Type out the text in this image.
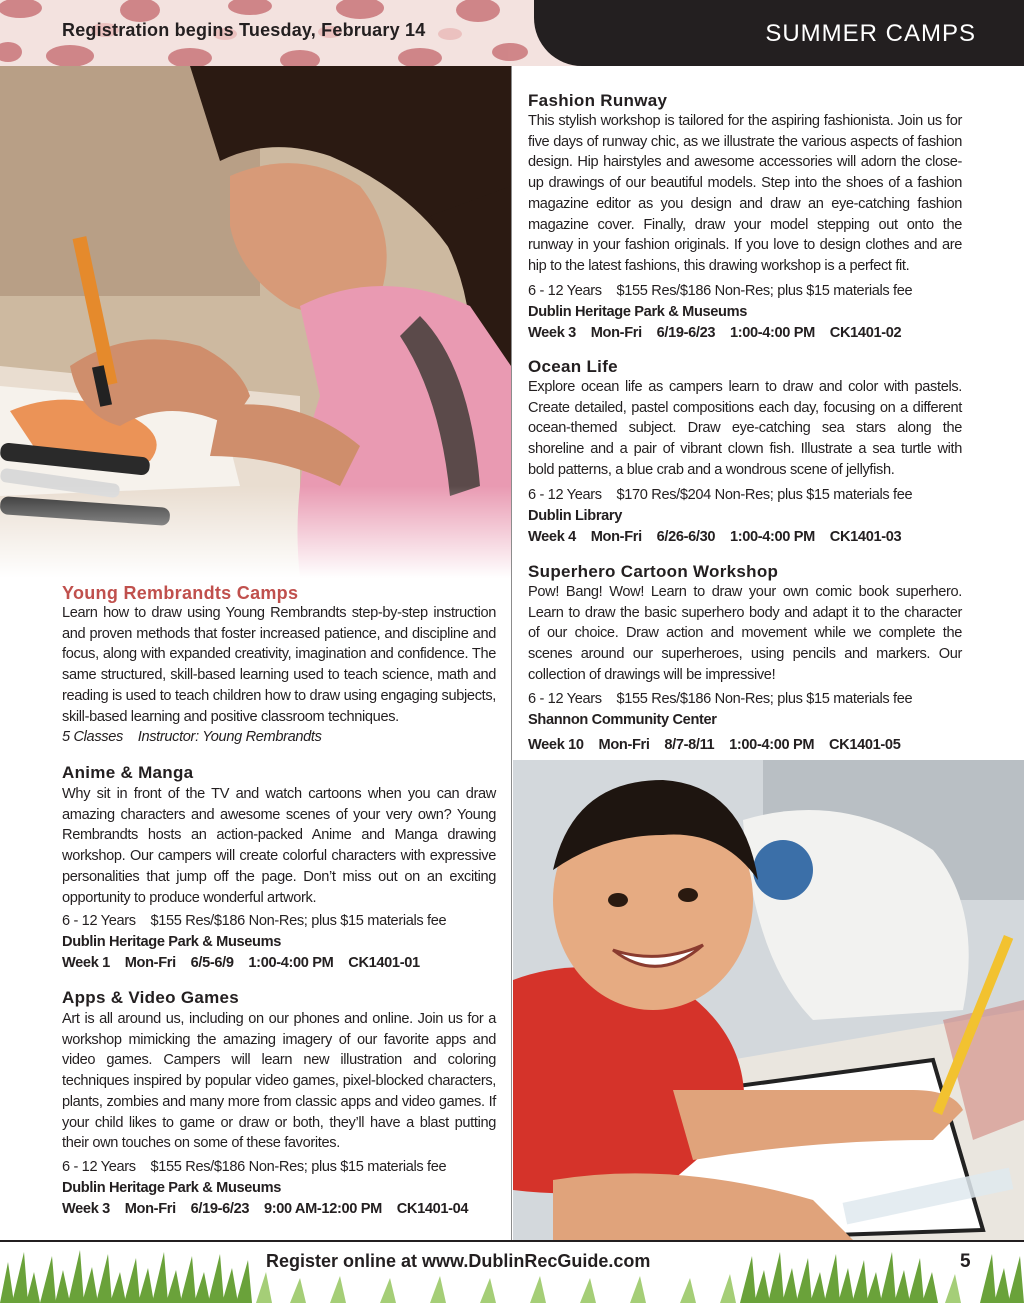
Registration begins Tuesday, February 14	SUMMER CAMPS
Young Rembrandts Camps
Learn how to draw using Young Rembrandts step-by-step instruction and proven methods that foster increased patience, and discipline and focus, along with expanded creativity, imagination and confidence. The same structured, skill-based learning used to teach science, math and reading is used to teach children how to draw using engaging subjects, skill-based learning and positive classroom techniques.
5 Classes    Instructor: Young Rembrandts
Anime & Manga
Why sit in front of the TV and watch cartoons when you can draw amazing characters and awesome scenes of your very own? Young Rembrandts hosts an action-packed Anime and Manga drawing workshop. Our campers will create colorful characters with expressive personalities that jump off the page. Don’t miss out on an exciting opportunity to produce wonderful artwork.
6 - 12 Years    $155 Res/$186 Non-Res; plus $15 materials fee
Dublin Heritage Park & Museums
Week 1    Mon-Fri    6/5-6/9    1:00-4:00 PM    CK1401-01
Apps & Video Games
Art is all around us, including on our phones and online. Join us for a workshop mimicking the amazing imagery of our favorite apps and video games. Campers will learn new illustration and coloring techniques inspired by popular video games, pixel-blocked characters, plants, zombies and many more from classic apps and video games. If your child likes to game or draw or both, they’ll have a blast putting their own touches on some of these favorites.
6 - 12 Years    $155 Res/$186 Non-Res; plus $15 materials fee
Dublin Heritage Park & Museums
Week 3    Mon-Fri    6/19-6/23    9:00 AM-12:00 PM    CK1401-04
Fashion Runway
This stylish workshop is tailored for the aspiring fashionista. Join us for five days of runway chic, as we illustrate the various aspects of fashion design. Hip hairstyles and awesome accessories will adorn the close-up drawings of our beautiful models. Step into the shoes of a fashion magazine editor as you design and draw an eye-catching fashion magazine cover. Finally, draw your model stepping out onto the runway in your fashion originals. If you love to design clothes and are hip to the latest fashions, this drawing workshop is a perfect fit.
6 - 12 Years    $155 Res/$186 Non-Res; plus $15 materials fee
Dublin Heritage Park & Museums
Week 3    Mon-Fri    6/19-6/23    1:00-4:00 PM    CK1401-02
Ocean Life
Explore ocean life as campers learn to draw and color with pastels. Create detailed, pastel compositions each day, focusing on a different ocean-themed subject. Draw eye-catching sea stars along the shoreline and a pair of vibrant clown fish. Illustrate a sea turtle with bold patterns, a blue crab and a wondrous scene of jellyfish.
6 - 12 Years    $170 Res/$204 Non-Res; plus $15 materials fee
Dublin Library
Week 4    Mon-Fri    6/26-6/30    1:00-4:00 PM    CK1401-03
Superhero Cartoon Workshop
Pow! Bang! Wow! Learn to draw your own comic book superhero. Learn to draw the basic superhero body and adapt it to the character of our choice. Draw action and movement while we complete the scenes around our superheroes, using pencils and markers. Our collection of drawings will be impressive!
6 - 12 Years    $155 Res/$186 Non-Res; plus $15 materials fee
Shannon Community Center
Week 10    Mon-Fri    8/7-8/11    1:00-4:00 PM    CK1401-05
Register online at www.DublinRecGuide.com	5
